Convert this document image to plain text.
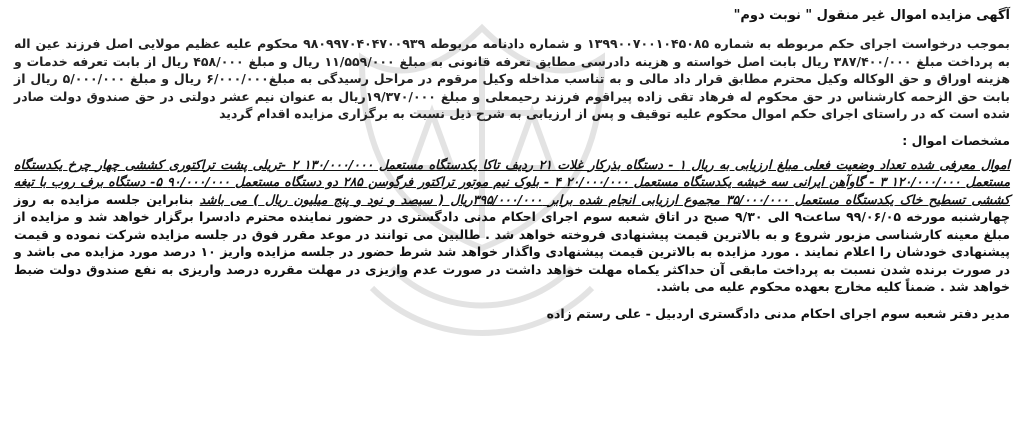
آگهی مزایده اموال غیر منقول " نوبت دوم"

بموجب درخواست اجرای حکم مربوطه به شماره ۱۳۹۹۰۰۷۰۰۱۰۴۵۰۸۵ و شماره دادنامه مربوطه ۹۸۰۹۹۷۰۴۰۴۷۰۰۹۳۹ محکوم علیه عظیم مولایی اصل فرزند عین اله به پرداخت مبلغ ۳۸۷/۴۰۰/۰۰۰ ریال بابت اصل خواسته و هزینه دادرسی مطابق تعرفه قانونی به مبلغ ۱۱/۵۵۹/۰۰۰ ریال و مبلغ ۴۵۸/۰۰۰ ریال از بابت تعرفه خدمات و هزینه اوراق و حق الوکاله وکیل محترم مطابق قرار داد مالی و به تناسب مداخله وکیل مرقوم در مراحل رسیدگی به مبلغ۶/۰۰۰/۰۰۰ ریال و مبلغ ۵/۰۰۰/۰۰۰ ریال از بابت حق الزحمه کارشناس در حق محکوم له فرهاد تقی زاده پیراقوم فرزند رحیمعلی و مبلغ ۱۹/۳۷۰/۰۰۰ریال به عنوان نیم عشر دولتی در حق صندوق دولت صادر شده است که در راستای اجرای حکم اموال محکوم علیه توقیف و پس از ارزیابی به شرح ذیل نسبت به برگزاری مزایده اقدام گردید

مشخصات اموال :

اموال معرفی شده تعداد وضعیت فعلی مبلغ ارزیابی به ریال ۱ - دستگاه بذرکار غلات ۲۱ ردیف تاکا یکدستگاه مستعمل ۱۳۰/۰۰۰/۰۰۰ ۲ -تریلی پشت تراکتوری کششی چهار چرخ یکدستگاه مستعمل ۱۲۰/۰۰۰/۰۰۰ ۳ - گاوآهن ایرانی سه خیشه یکدستگاه مستعمل ۲۰/۰۰۰/۰۰۰ ۴ - بلوک نیم موتور تراکتور فرگوسن ۲۸۵ دو دستگاه مستعمل ۹۰/۰۰۰/۰۰۰ ۵- دستگاه برف روب با تیغه کششی تسطیح خاک یکدستگاه مستعمل ۳۵/۰۰۰/۰۰۰ مجموع ارزیابی انجام شده برابر ۳۹۵/۰۰۰/۰۰۰ریال ( سیصد و نود و پنج میلیون ریال ) می باشد بنابراین جلسه مزایده به روز چهارشنبه مورخه ۹۹/۰۶/۰۵ ساعت۹ الی ۹/۳۰ صبح در اتاق شعبه سوم اجرای احکام مدنی دادگستری در حضور نماینده محترم دادسرا برگزار خواهد شد و مزایده از مبلغ معینه کارشناسی مزبور شروع و به بالاترین قیمت پیشنهادی فروخته خواهد شد . طالبین می توانند در موعد مقرر فوق در جلسه مزایده شرکت نموده و قیمت پیشنهادی خودشان را اعلام نمایند . مورد مزایده به بالاترین قیمت پیشنهادی واگذار خواهد شد شرط حضور در جلسه مزایده واریز ۱۰ درصد مورد مزایده می باشد و در صورت برنده شدن نسبت به پرداخت مابقی آن حداکثر یکماه مهلت خواهد داشت در صورت عدم واریزی در مهلت مقرره درصد واریزی به نفع صندوق دولت ضبط خواهد شد . ضمناً کلیه مخارج بعهده محکوم علیه می باشد.

مدیر دفتر شعبه سوم اجرای احکام مدنی دادگستری اردبیل - علی رستم زاده
